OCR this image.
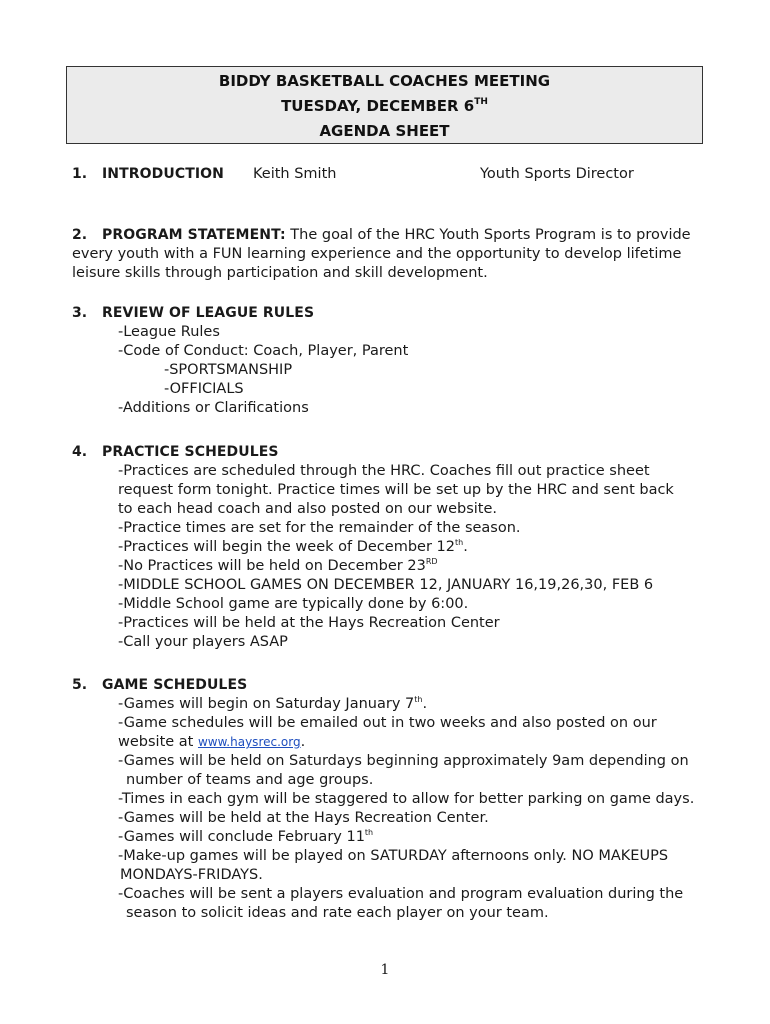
BIDDY BASKETBALL COACHES MEETING
TUESDAY, DECEMBER 6TH
AGENDA SHEET
1. INTRODUCTION Keith Smith	Youth Sports Director
2. PROGRAM STATEMENT: The goal of the HRC Youth Sports Program is to provide
every youth with a FUN learning experience and the opportunity to develop lifetime
leisure skills through participation and skill development.
3. REVIEW OF LEAGUE RULES
-League Rules
-Code of Conduct: Coach, Player, Parent
-SPORTSMANSHIP
-OFFICIALS
-Additions or Clarifications
4. PRACTICE SCHEDULES
-Practices are scheduled through the HRC. Coaches fill out practice sheet
request form tonight. Practice times will be set up by the HRC and sent back
to each head coach and also posted on our website.
-Practice times are set for the remainder of the season.
-Practices will begin the week of December 12th.
-No Practices will be held on December 23RD
-MIDDLE SCHOOL GAMES ON DECEMBER 12, JANUARY 16,19,26,30, FEB 6
-Middle School game are typically done by 6:00.
-Practices will be held at the Hays Recreation Center
-Call your players ASAP
5. GAME SCHEDULES
-Games will begin on Saturday January 7th.
-Game schedules will be emailed out in two weeks and also posted on our
website at www.haysrec.org.
-Games will be held on Saturdays beginning approximately 9am depending on
number of teams and age groups.
-Times in each gym will be staggered to allow for better parking on game days.
-Games will be held at the Hays Recreation Center.
-Games will conclude February 11th
-Make-up games will be played on SATURDAY afternoons only. NO MAKEUPS
MONDAYS-FRIDAYS.
-Coaches will be sent a players evaluation and program evaluation during the
season to solicit ideas and rate each player on your team.
1
